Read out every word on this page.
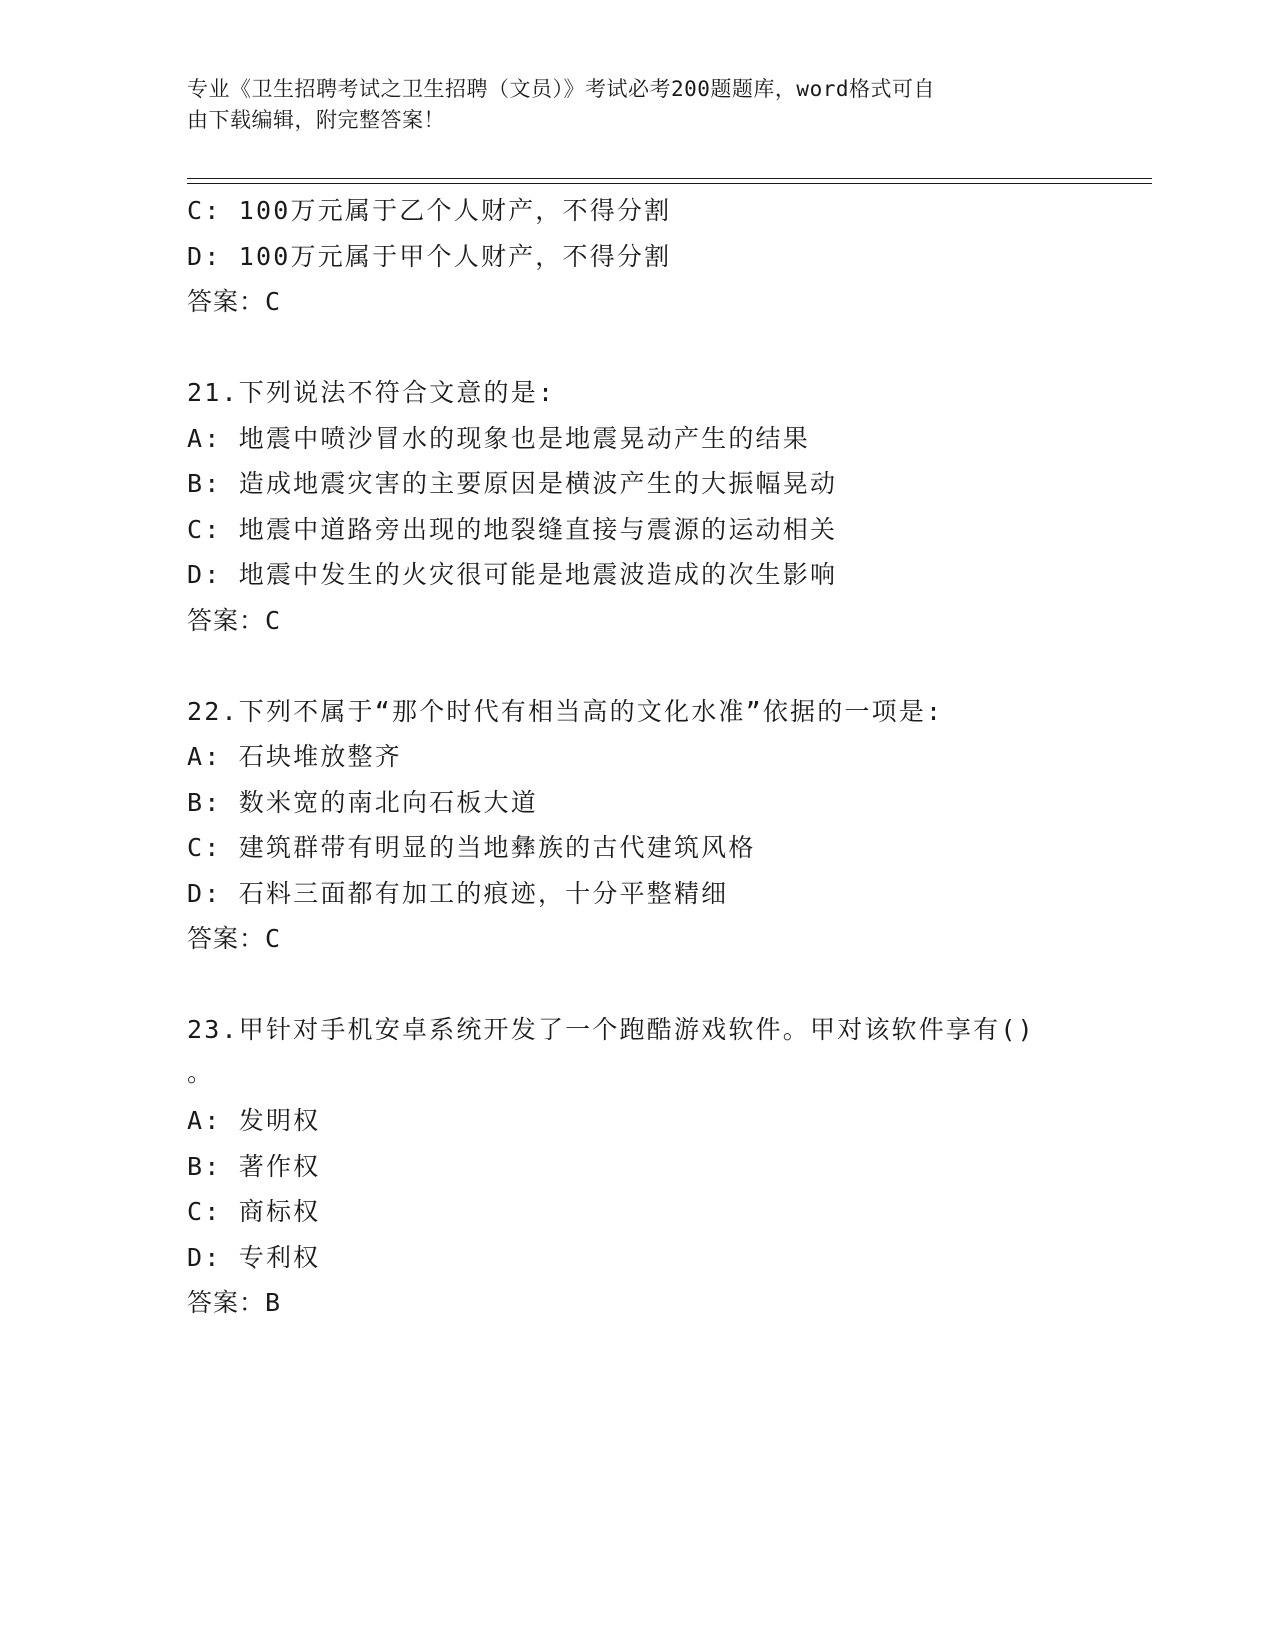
专业《卫生招聘考试之卫生招聘（文员）》考试必考200题题库，word格式可自
由下载编辑，附完整答案！
C: 100万元属于乙个人财产，不得分割
D: 100万元属于甲个人财产，不得分割
答案：C
21.下列说法不符合文意的是:
A: 地震中喷沙冒水的现象也是地震晃动产生的结果
B: 造成地震灾害的主要原因是横波产生的大振幅晃动
C: 地震中道路旁出现的地裂缝直接与震源的运动相关
D: 地震中发生的火灾很可能是地震波造成的次生影响
答案：C
22.下列不属于“那个时代有相当高的文化水准”依据的一项是:
A: 石块堆放整齐
B: 数米宽的南北向石板大道
C: 建筑群带有明显的当地彝族的古代建筑风格
D: 石料三面都有加工的痕迹，十分平整精细
答案：C
23.甲针对手机安卓系统开发了一个跑酷游戏软件。甲对该软件享有()
。
A: 发明权
B: 著作权
C: 商标权
D: 专利权
答案：B
